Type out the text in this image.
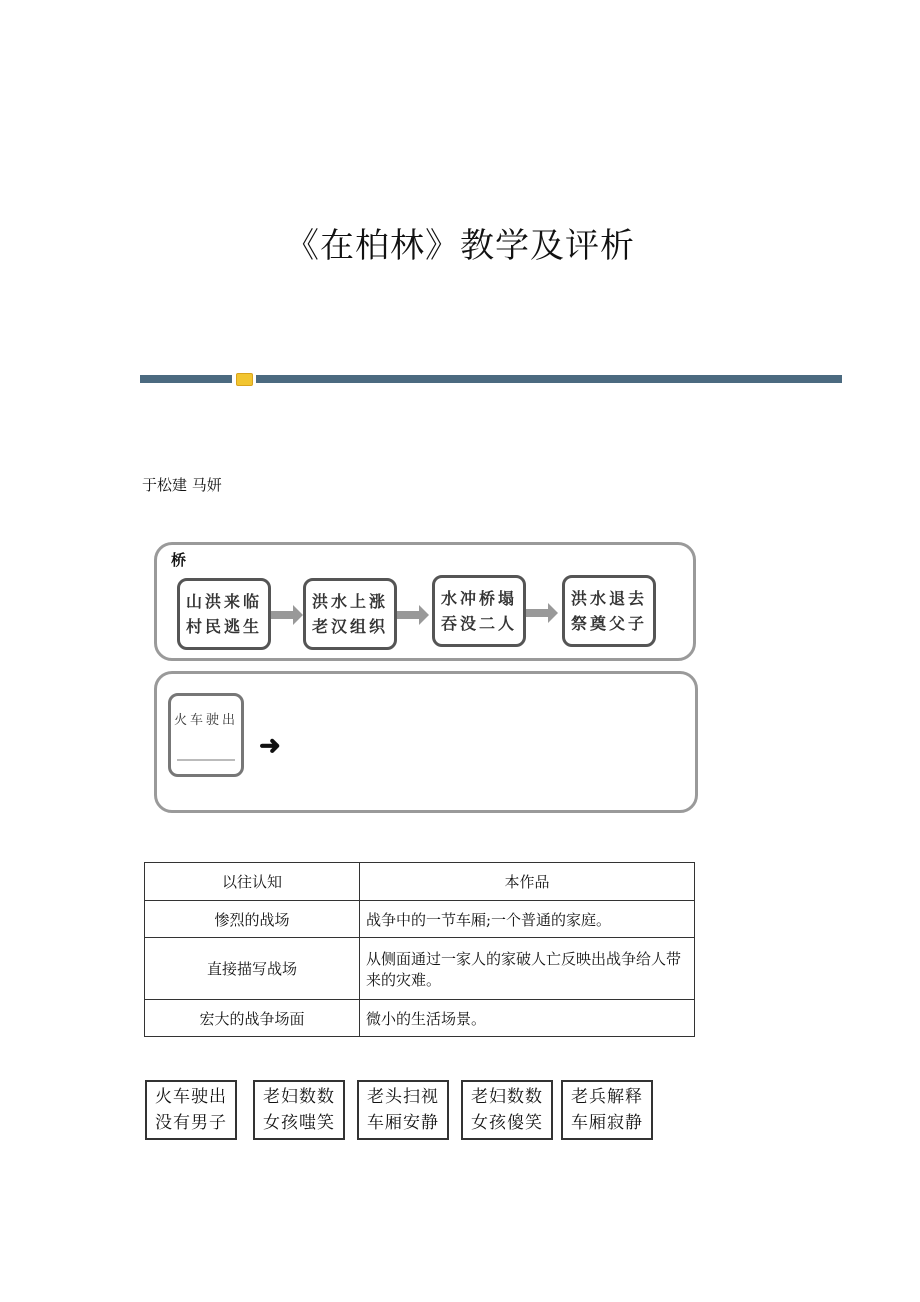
《在柏林》教学及评析
于松建 马妍
桥
山洪来临
村民逃生
洪水上涨
老汉组织
水冲桥塌
吞没二人
洪水退去
祭奠父子
火车驶出
➜
以往认知	本作品
惨烈的战场	战争中的一节车厢;一个普通的家庭。
直接描写战场	从侧面通过一家人的家破人亡反映出战争给人带来的灾难。
宏大的战争场面	微小的生活场景。
火车驶出
没有男子
老妇数数
女孩嗤笑
老头扫视
车厢安静
老妇数数
女孩傻笑
老兵解释
车厢寂静
